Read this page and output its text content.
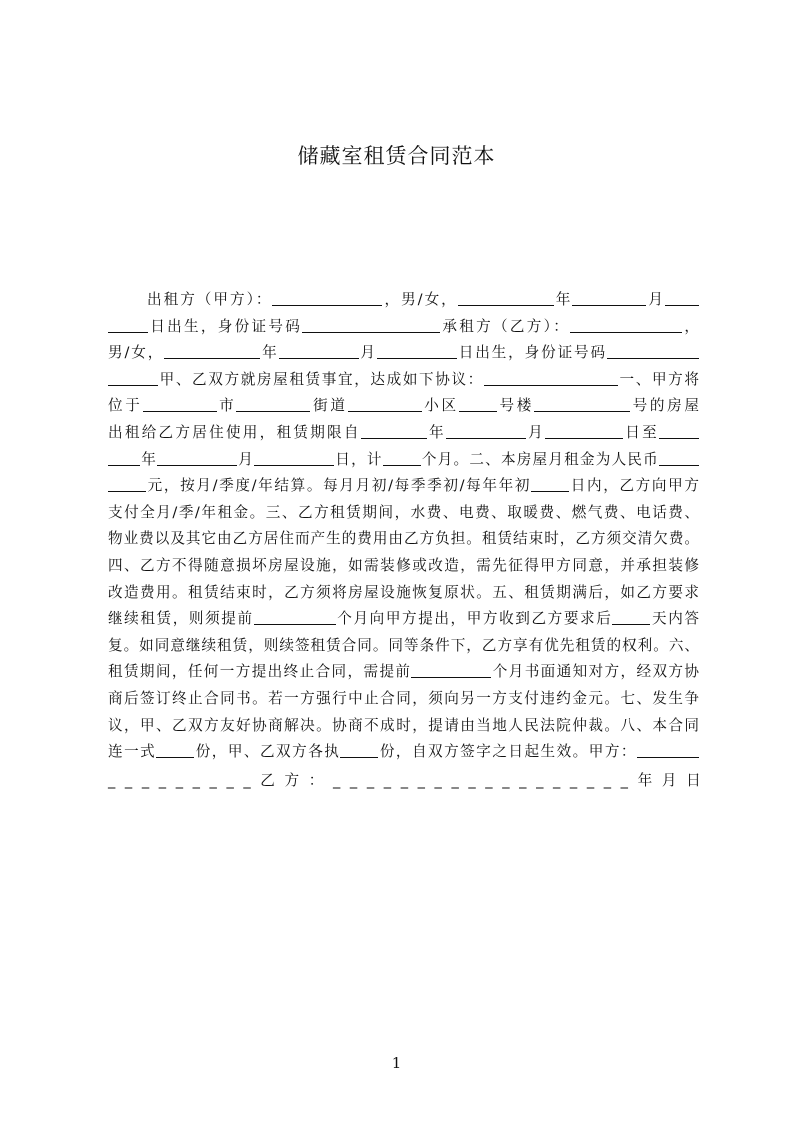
储藏室租赁合同范本
出租方（甲方）：	，男/女，	年	月
日出生，身份证号码	承租方（乙方）：	，
男/女，	年	月	日出生，身份证号码
甲、乙双方就房屋租赁事宜，达成如下协议：	一、甲方将
位于	市	街道	小区	号楼	号的房屋
出租给乙方居住使用，租赁期限自	年	月	日至
年	月	日，计	个月。二、本房屋月租金为人民币
元，按月/季度/年结算。每月月初/每季季初/每年年初	日内，乙方向甲方
支付全月/季/年租金。三、乙方租赁期间，水费、电费、取暖费、燃气费、电话费、
物业费以及其它由乙方居住而产生的费用由乙方负担。租赁结束时，乙方须交清欠费。
四、乙方不得随意损坏房屋设施，如需装修或改造，需先征得甲方同意，并承担装修
改造费用。租赁结束时，乙方须将房屋设施恢复原状。五、租赁期满后，如乙方要求
继续租赁，则须提前	个月向甲方提出，甲方收到乙方要求后	天内答
复。如同意继续租赁，则续签租赁合同。同等条件下，乙方享有优先租赁的权利。六、
租赁期间，任何一方提出终止合同，需提前	个月书面通知对方，经双方协
商后签订终止合同书。若一方强行中止合同，须向另一方支付违约金元。七、发生争
议，甲、乙双方友好协商解决。协商不成时，提请由当地人民法院仲裁。八、本合同
连一式	份，甲、乙双方各执	份，自双方签字之日起生效。甲方：
_ _ _ _ _ _ _ _ _ 乙 方 ： _ _ _ _ _ _ _ _ _ _ _ _ _ _ _ _ _ _ 年 月 日
1
